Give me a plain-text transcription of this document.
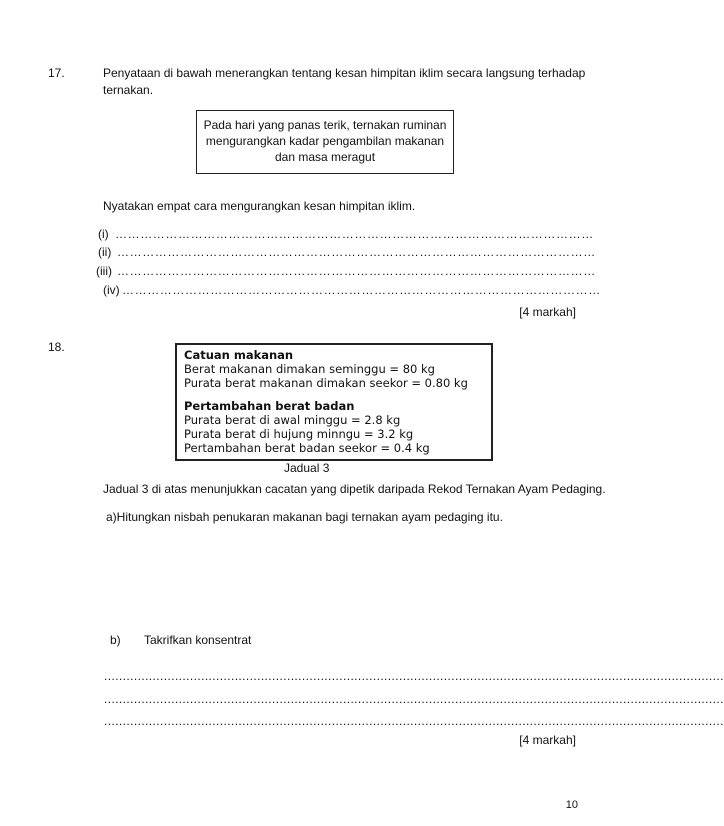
17.	Penyataan di bawah menerangkan tentang kesan himpitan iklim secara langsung terhadap
ternakan.
Pada hari yang panas terik, ternakan ruminan
mengurangkan kadar pengambilan makanan
dan masa meragut
Nyatakan empat cara mengurangkan kesan himpitan iklim.
(i) ……………………………………………………………………………………………………
(ii) ……………………………………………………………………………………………………
(iii) ……………………………………………………………………………………………………
(iv) ……………………………………………………………………………………………………
[4 markah]
18.
Catuan makanan
Berat makanan dimakan seminggu = 80 kg
Purata berat makanan dimakan seekor = 0.80 kg
Pertambahan berat badan
Purata berat di awal minggu = 2.8 kg
Purata berat di hujung minngu = 3.2 kg
Pertambahan berat badan seekor = 0.4 kg
Jadual 3
Jadual 3 di atas menunjukkan cacatan yang dipetik daripada Rekod Ternakan Ayam Pedaging.
a)Hitungkan nisbah penukaran makanan bagi ternakan ayam pedaging itu.
b) Takrifkan konsentrat
......................................................................................................................................................................
......................................................................................................................................................................
......................................................................................................................................................................
[4 markah]
10
